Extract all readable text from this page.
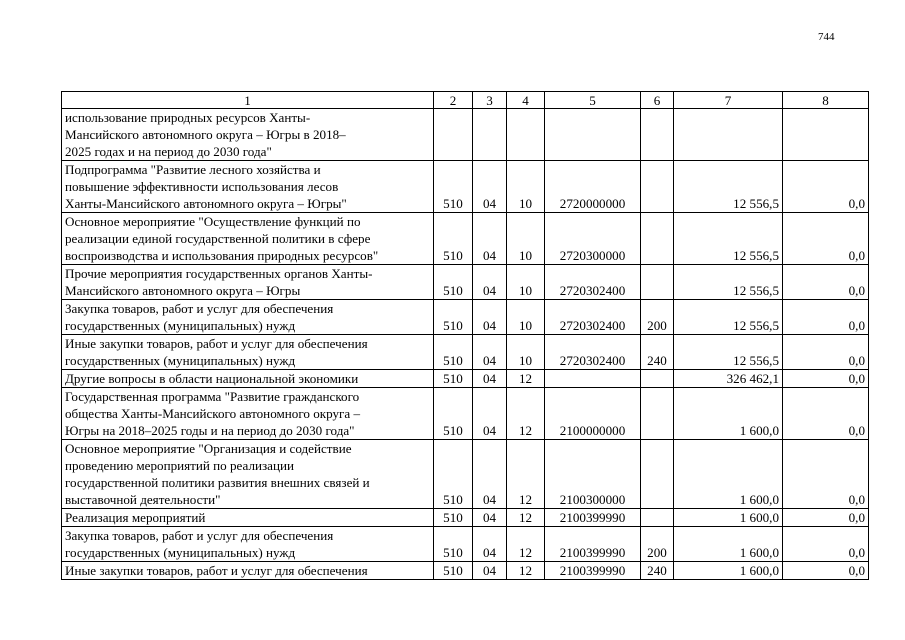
744
1	2	3	4	5	6	7	8
использование природных ресурсов Ханты-
Мансийского автономного округа – Югры в 2018–
2025 годах и на период до 2030 года"							
Подпрограмма "Развитие лесного хозяйства и
повышение эффективности использования лесов
Ханты-Мансийского автономного округа – Югры"	510	04	10	2720000000		12 556,5	0,0
Основное мероприятие "Осуществление функций по
реализации единой государственной политики в сфере
воспроизводства и использования природных ресурсов"	510	04	10	2720300000		12 556,5	0,0
Прочие мероприятия государственных органов Ханты-
Мансийского автономного округа – Югры	510	04	10	2720302400		12 556,5	0,0
Закупка товаров, работ и услуг для обеспечения
государственных (муниципальных) нужд	510	04	10	2720302400	200	12 556,5	0,0
Иные закупки товаров, работ и услуг для обеспечения
государственных (муниципальных) нужд	510	04	10	2720302400	240	12 556,5	0,0
Другие вопросы в области национальной экономики	510	04	12			326 462,1	0,0
Государственная программа "Развитие гражданского
общества Ханты-Мансийского автономного округа –
Югры на 2018–2025 годы и на период до 2030 года"	510	04	12	2100000000		1 600,0	0,0
Основное мероприятие "Организация и содействие
проведению мероприятий по реализации
государственной политики развития внешних связей и
выставочной деятельности"	510	04	12	2100300000		1 600,0	0,0
Реализация мероприятий	510	04	12	2100399990		1 600,0	0,0
Закупка товаров, работ и услуг для обеспечения
государственных (муниципальных) нужд	510	04	12	2100399990	200	1 600,0	0,0
Иные закупки товаров, работ и услуг для обеспечения	510	04	12	2100399990	240	1 600,0	0,0
